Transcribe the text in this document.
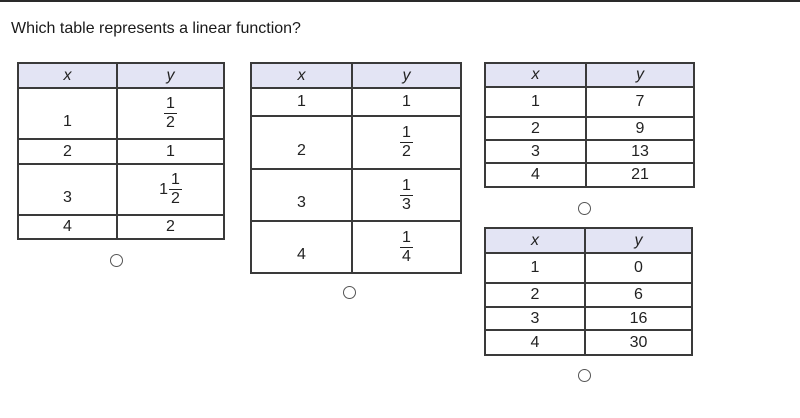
Which table represents a linear function?
x	y
1	$\frac{1}{2}$

2	1
3	$1 \frac{1}{2}$

4	2
x	y
1	1
2	$\frac{1}{2}$

3	$\frac{1}{3}$

4	$\frac{1}{4}$
x	y
1	7
2	9
3	13
4	21
x	y
1	0
2	6
3	16
4	30
